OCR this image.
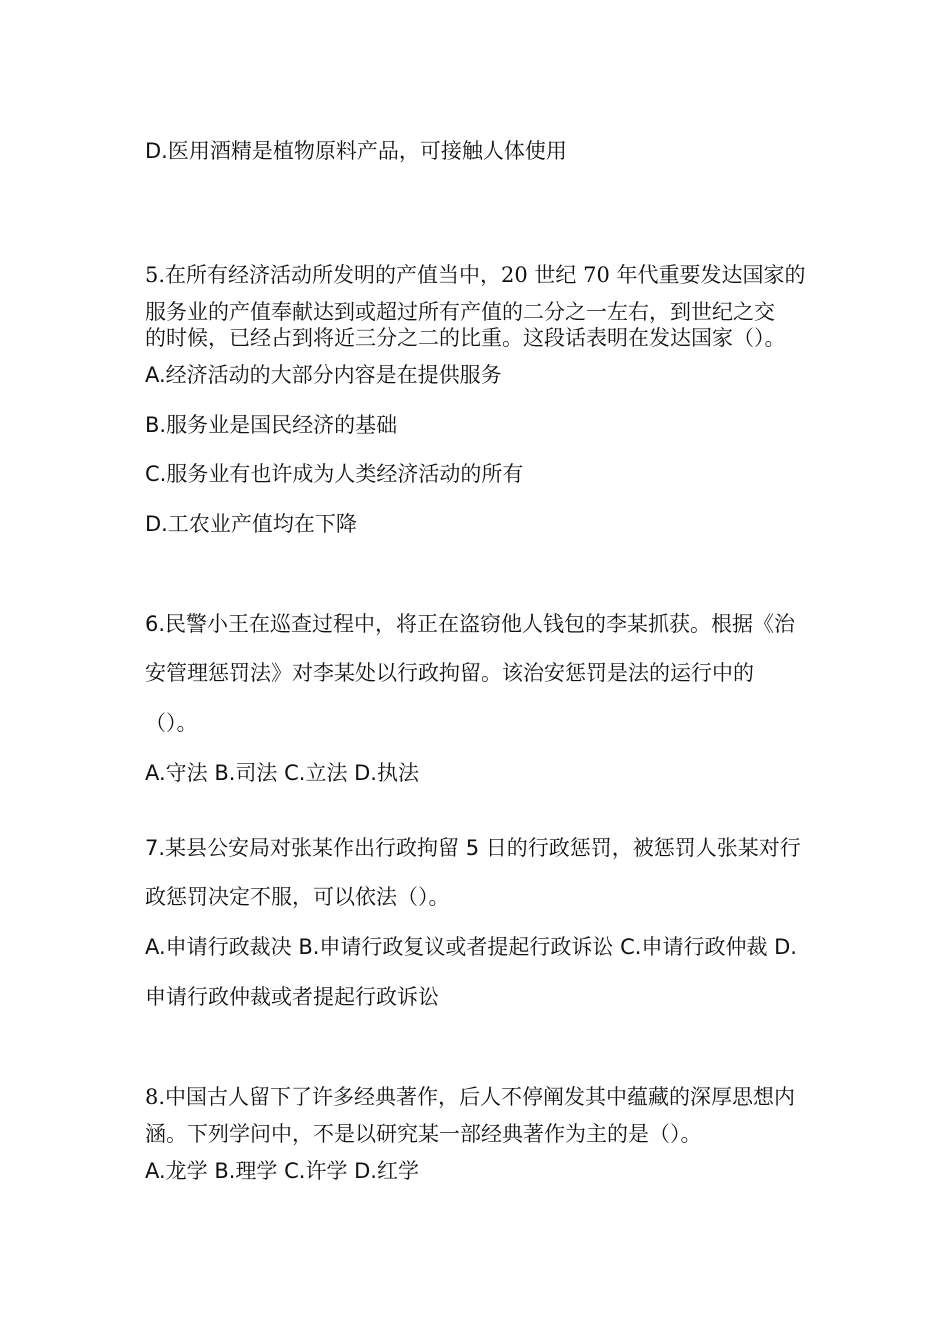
D.医用酒精是植物原料产品，可接触人体使用
5.在所有经济活动所发明的产值当中，20 世纪 70 年代重要发达国家的
服务业的产值奉献达到或超过所有产值的二分之一左右，到世纪之交
的时候，已经占到将近三分之二的比重。这段话表明在发达国家（）。
A.经济活动的大部分内容是在提供服务
B.服务业是国民经济的基础
C.服务业有也许成为人类经济活动的所有
D.工农业产值均在下降
6.民警小王在巡查过程中，将正在盗窃他人钱包的李某抓获。根据《治
安管理惩罚法》对李某处以行政拘留。该治安惩罚是法的运行中的
（）。
A.守法 B.司法 C.立法 D.执法
7.某县公安局对张某作出行政拘留 5 日的行政惩罚，被惩罚人张某对行
政惩罚决定不服，可以依法（）。
A.申请行政裁决 B.申请行政复议或者提起行政诉讼 C.申请行政仲裁 D.
申请行政仲裁或者提起行政诉讼
8.中国古人留下了许多经典著作，后人不停阐发其中蕴藏的深厚思想内
涵。下列学问中，不是以研究某一部经典著作为主的是（）。
A.龙学 B.理学 C.许学 D.红学
